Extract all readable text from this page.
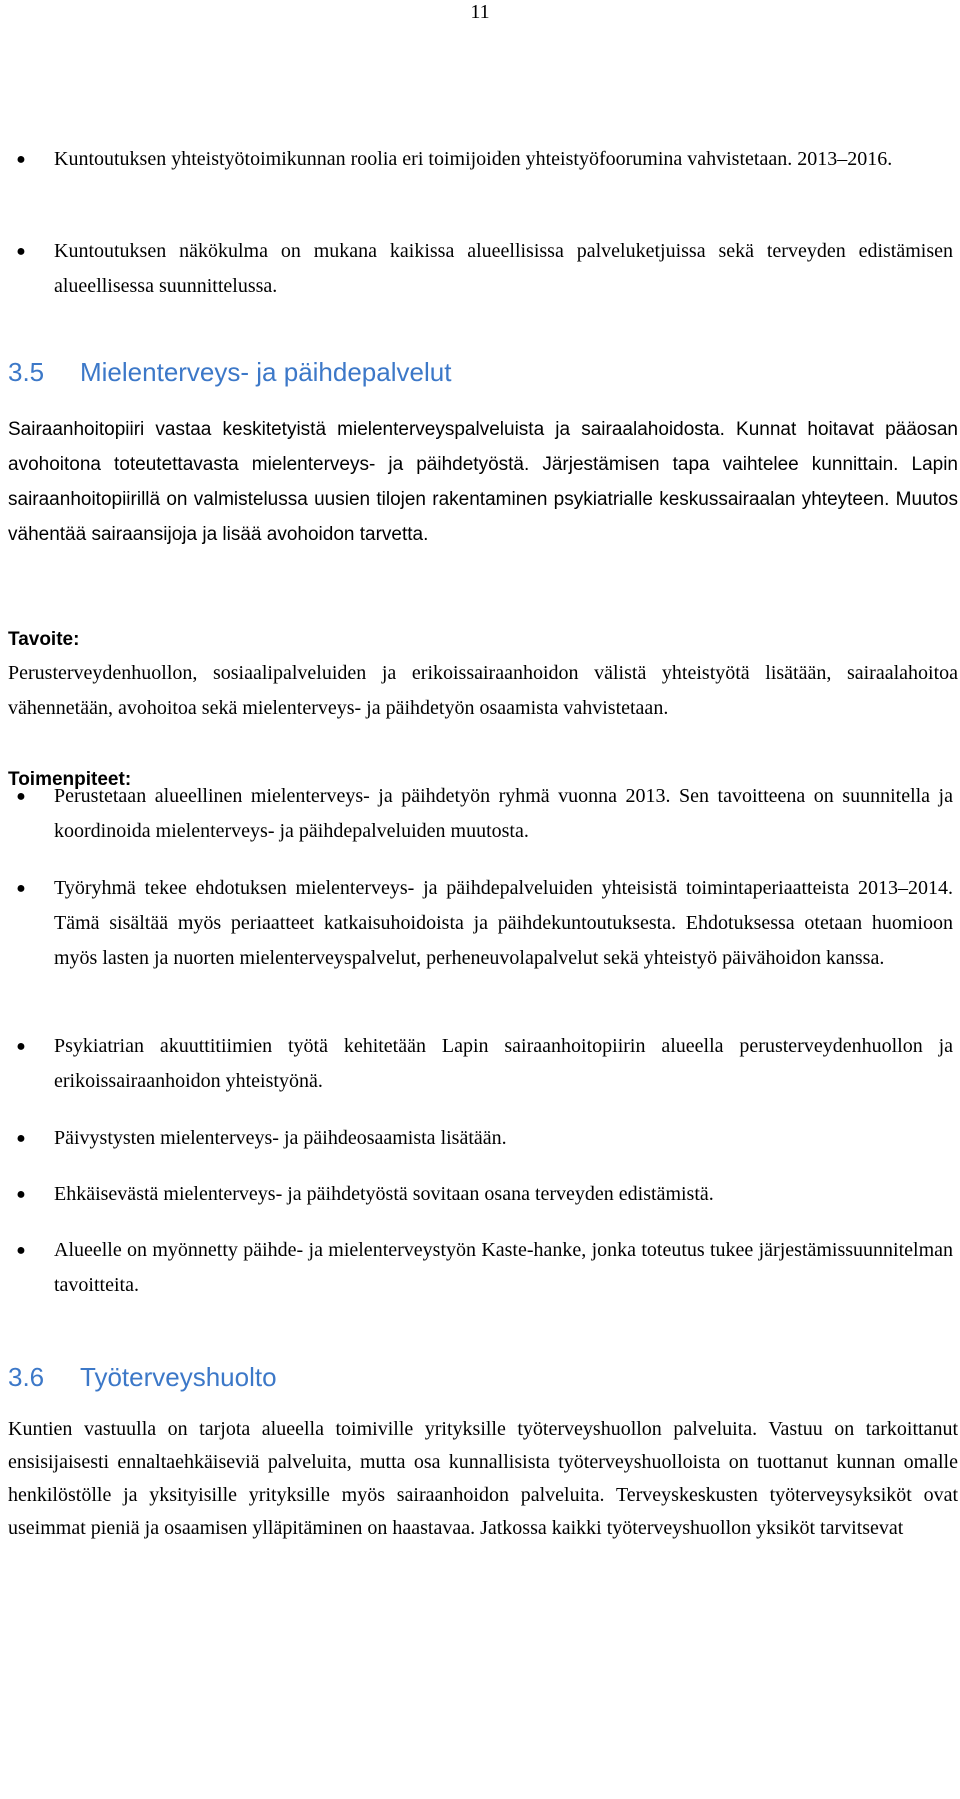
11
● Kuntoutuksen yhteistyötoimikunnan roolia eri toimijoiden yhteistyöfoorumina vahvistetaan. 2013–2016.
● Kuntoutuksen näkökulma on mukana kaikissa alueellisissa palveluketjuissa sekä terveyden edistämisen alueellisessa suunnittelussa.
3.5 Mielenterveys- ja päihdepalvelut
Sairaanhoitopiiri vastaa keskitetyistä mielenterveyspalveluista ja sairaalahoidosta. Kunnat hoitavat pääosan avohoitona toteutettavasta mielenterveys- ja päihdetyöstä. Järjestämisen tapa vaihtelee kunnittain. Lapin sairaanhoitopiirillä on valmistelussa uusien tilojen rakentaminen psykiatrialle keskussairaalan yhteyteen. Muutos vähentää sairaansijoja ja lisää avohoidon tarvetta.
Tavoite:
Perusterveydenhuollon, sosiaalipalveluiden ja erikoissairaanhoidon välistä yhteistyötä lisätään, sairaalahoitoa vähennetään, avohoitoa sekä mielenterveys- ja päihdetyön osaamista vahvistetaan.
Toimenpiteet:
● Perustetaan alueellinen mielenterveys- ja päihdetyön ryhmä vuonna 2013. Sen tavoitteena on suunnitella ja koordinoida mielenterveys- ja päihdepalveluiden muutosta.
● Työryhmä tekee ehdotuksen mielenterveys- ja päihdepalveluiden yhteisistä toimintaperiaatteista 2013–2014. Tämä sisältää myös periaatteet katkaisuhoidoista ja päihdekuntoutuksesta. Ehdotuksessa otetaan huomioon myös lasten ja nuorten mielenterveyspalvelut, perheneuvolapalvelut sekä yhteistyö päivähoidon kanssa.
● Psykiatrian akuuttitiimien työtä kehitetään Lapin sairaanhoitopiirin alueella perusterveydenhuollon ja erikoissairaanhoidon yhteistyönä.
● Päivystysten mielenterveys- ja päihdeosaamista lisätään.
● Ehkäisevästä mielenterveys- ja päihdetyöstä sovitaan osana terveyden edistämistä.
● Alueelle on myönnetty päihde- ja mielenterveystyön Kaste-hanke, jonka toteutus tukee järjestämissuunnitelman tavoitteita.
3.6 Työterveyshuolto
Kuntien vastuulla on tarjota alueella toimiville yrityksille työterveyshuollon palveluita. Vastuu on tarkoittanut ensisijaisesti ennaltaehkäiseviä palveluita, mutta osa kunnallisista työterveyshuolloista on tuottanut kunnan omalle henkilöstölle ja yksityisille yrityksille myös sairaanhoidon palveluita. Terveyskeskusten työterveysyksiköt ovat useimmat pieniä ja osaamisen ylläpitäminen on haastavaa. Jatkossa kaikki työterveyshuollon yksiköt tarvitsevat
